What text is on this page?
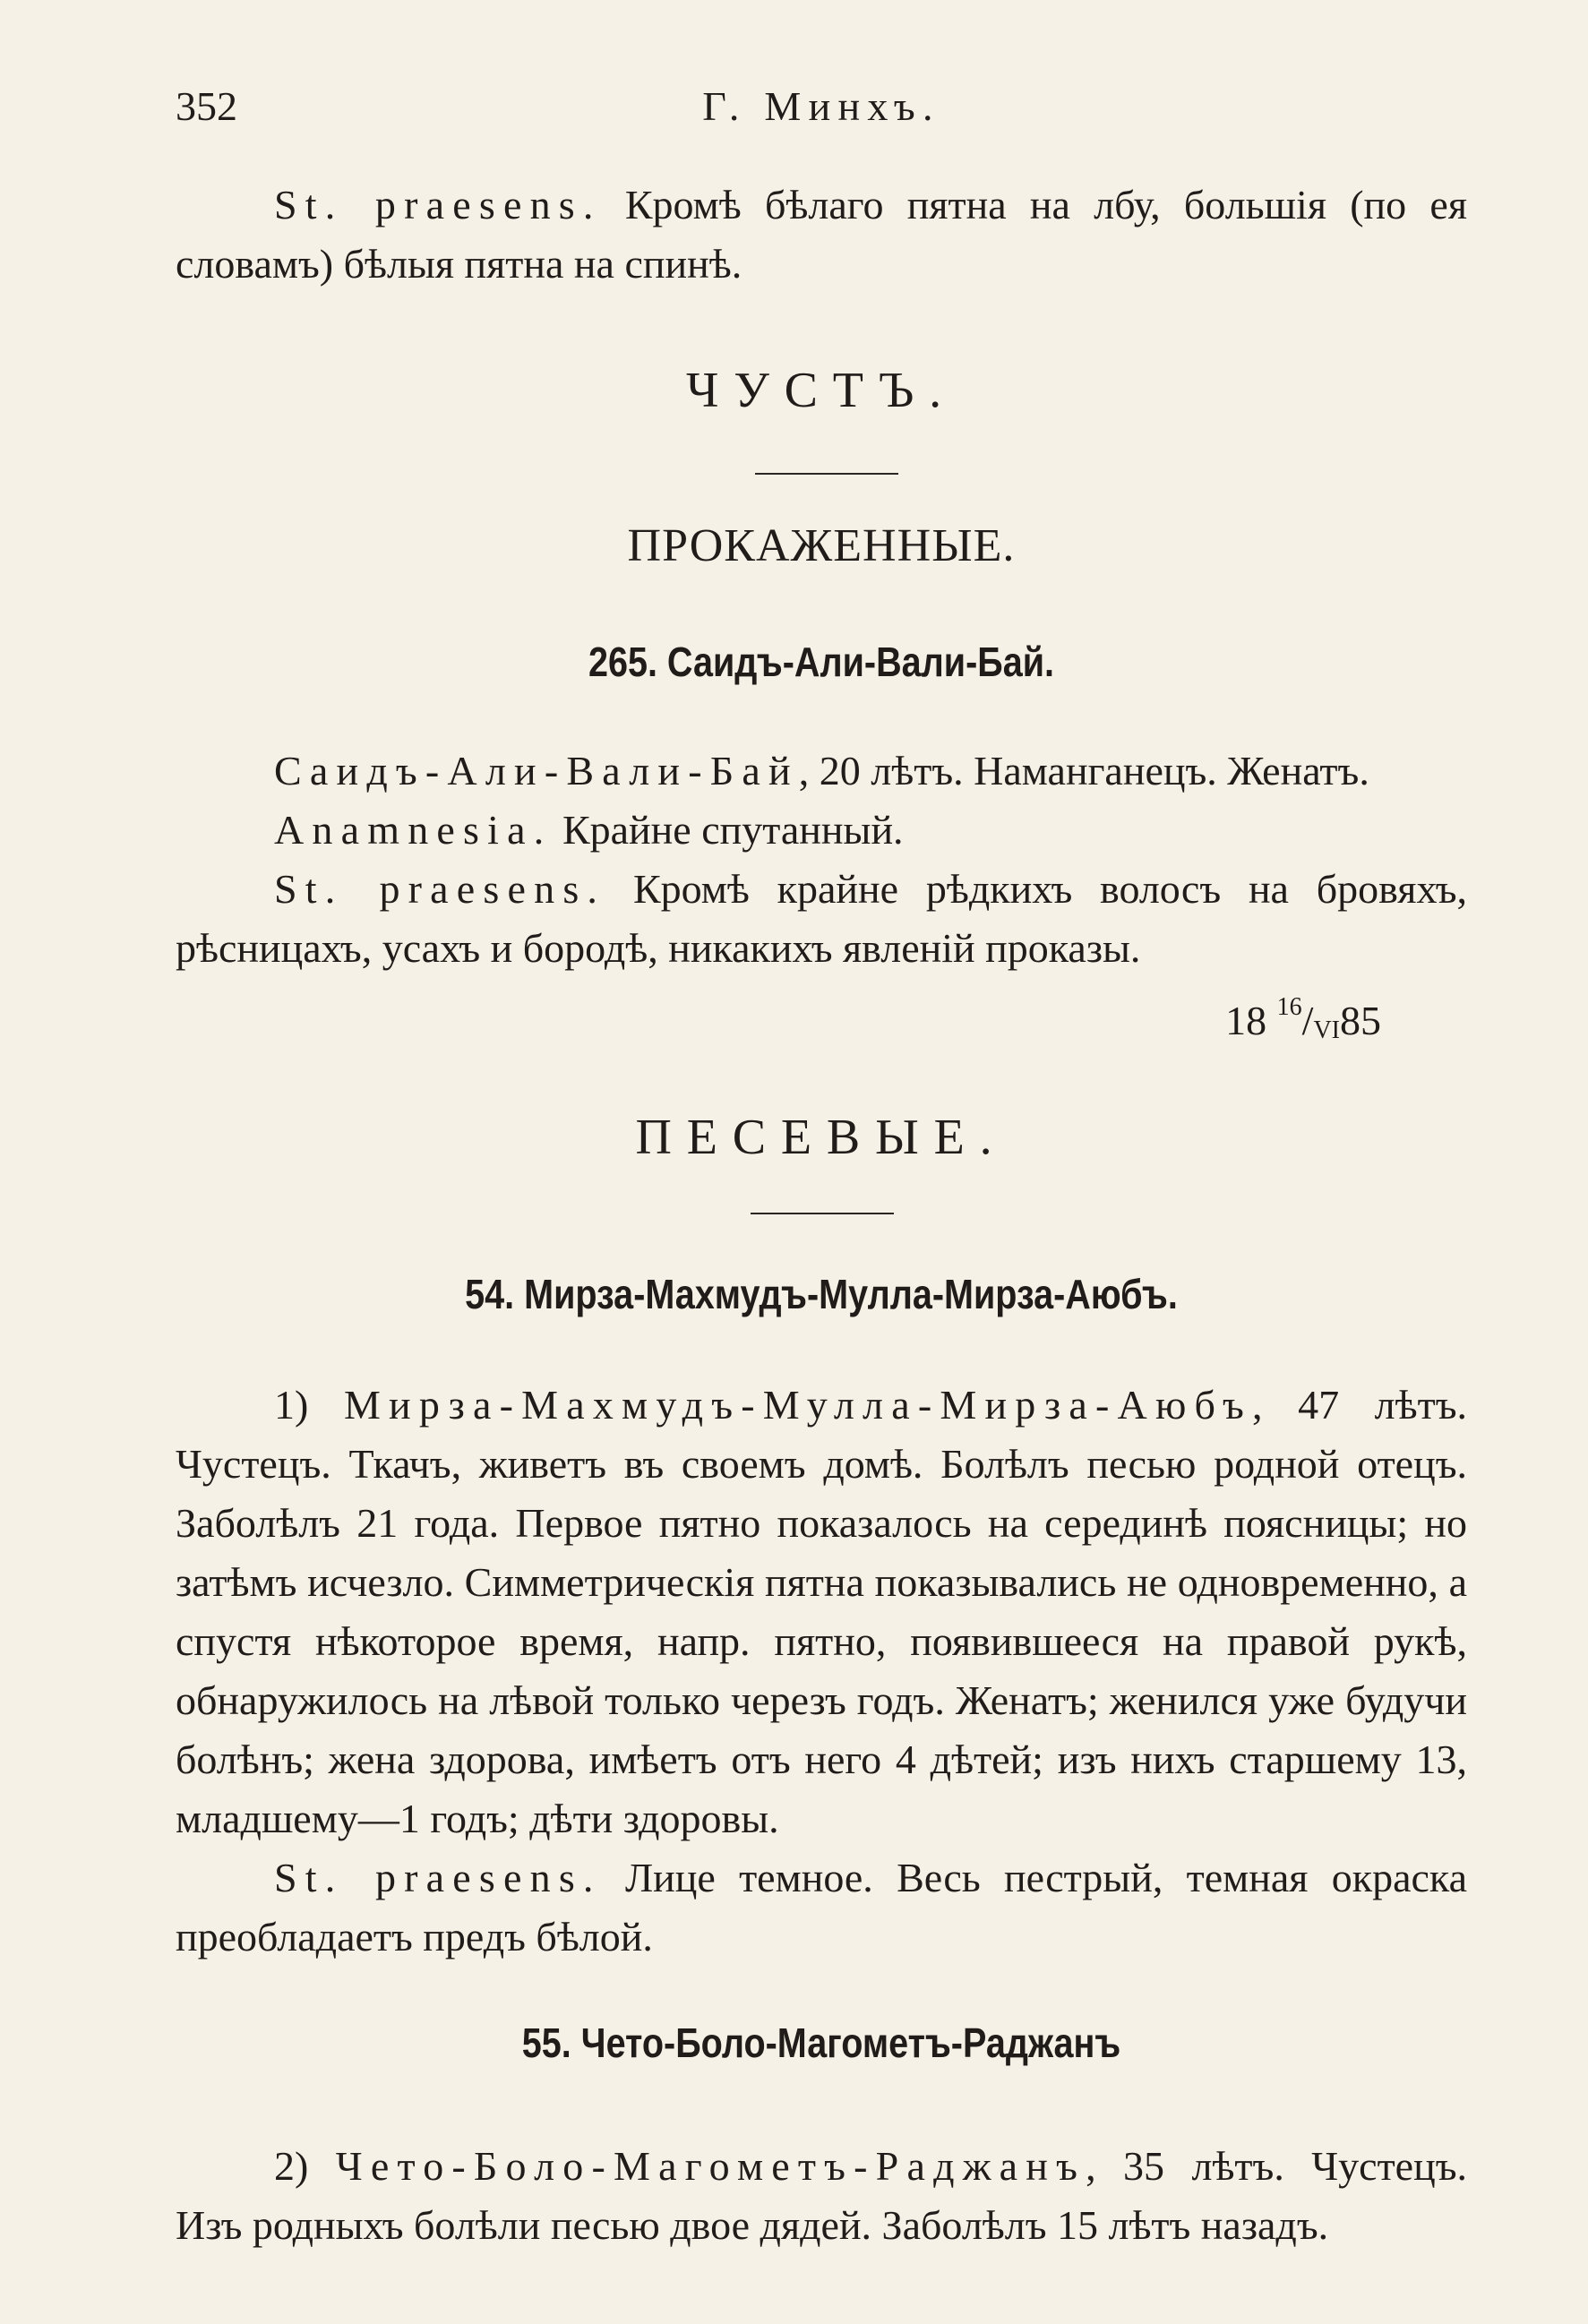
352	Г. Минхъ.

St. praesens. Кромѣ бѣлаго пятна на лбу, большія (по ея словамъ) бѣлыя пятна на спинѣ.

ЧУСТЪ.
ПРОКАЖЕННЫЕ.
265. Саидъ-Али-Вали-Бай.

Саидъ-Али-Вали-Бай, 20 лѣтъ. Наманганецъ. Женатъ.

Anamnesia. Крайне спутанный.

St. praesens. Кромѣ крайне рѣдкихъ волосъ на бровяхъ, рѣсницахъ, усахъ и бородѣ, никакихъ явленій проказы.

18 $^{16}/_{VI}85$

ПЕСЕВЫЕ.
54. Мирза-Махмудъ-Мулла-Мирза-Аюбъ.

1) Мирза-Махмудъ-Мулла-Мирза-Аюбъ, 47 лѣтъ. Чустецъ. Ткачъ, живетъ въ своемъ домѣ. Болѣлъ песью родной отецъ. Заболѣлъ 21 года. Первое пятно показалось на серединѣ поясницы; но затѣмъ исчезло. Симметрическія пятна показывались не одновременно, а спустя нѣкоторое время, напр. пятно, появившееся на правой рукѣ, обнаружилось на лѣвой только черезъ годъ. Женатъ; женился уже будучи болѣнъ; жена здорова, имѣетъ отъ него 4 дѣтей; изъ нихъ старшему 13, младшему—1 годъ; дѣти здоровы.

St. praesens. Лице темное. Весь пестрый, темная окраска преобладаетъ предъ бѣлой.

55. Чето-Боло-Магометъ-Раджанъ

2) Чето-Боло-Магометъ-Раджанъ, 35 лѣтъ. Чустецъ. Изъ родныхъ болѣли песью двое дядей. Заболѣлъ 15 лѣтъ назадъ.
